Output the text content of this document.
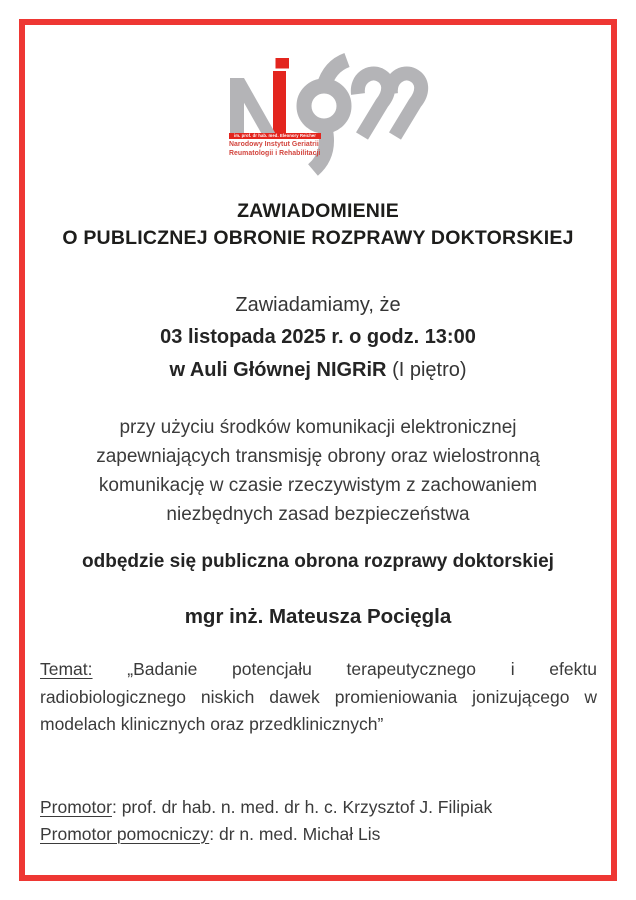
im. prof. dr hab. med. Eleonory Reicher
Narodowy Instytut Geriatrii
Reumatologii i Rehabilitacji
ZAWIADOMIENIE
O PUBLICZNEJ OBRONIE ROZPRAWY DOKTORSKIEJ
Zawiadamiamy, że
03 listopada 2025 r. o godz. 13:00
w Auli Głównej NIGRiR (I piętro)

przy użyciu środków komunikacji elektronicznej zapewniających transmisję obrony oraz wielostronną komunikację w czasie rzeczywistym z zachowaniem niezbędnych zasad bezpieczeństwa

odbędzie się publiczna obrona rozprawy doktorskiej
mgr inż. Mateusza Pocięgla

Temat: „Badanie potencjału terapeutycznego i efektu radiobiologicznego niskich dawek promieniowania jonizującego w modelach klinicznych oraz przedklinicznych”

Promotor: prof. dr hab. n. med. dr h. c. Krzysztof J. Filipiak
Promotor pomocniczy: dr n. med. Michał Lis
